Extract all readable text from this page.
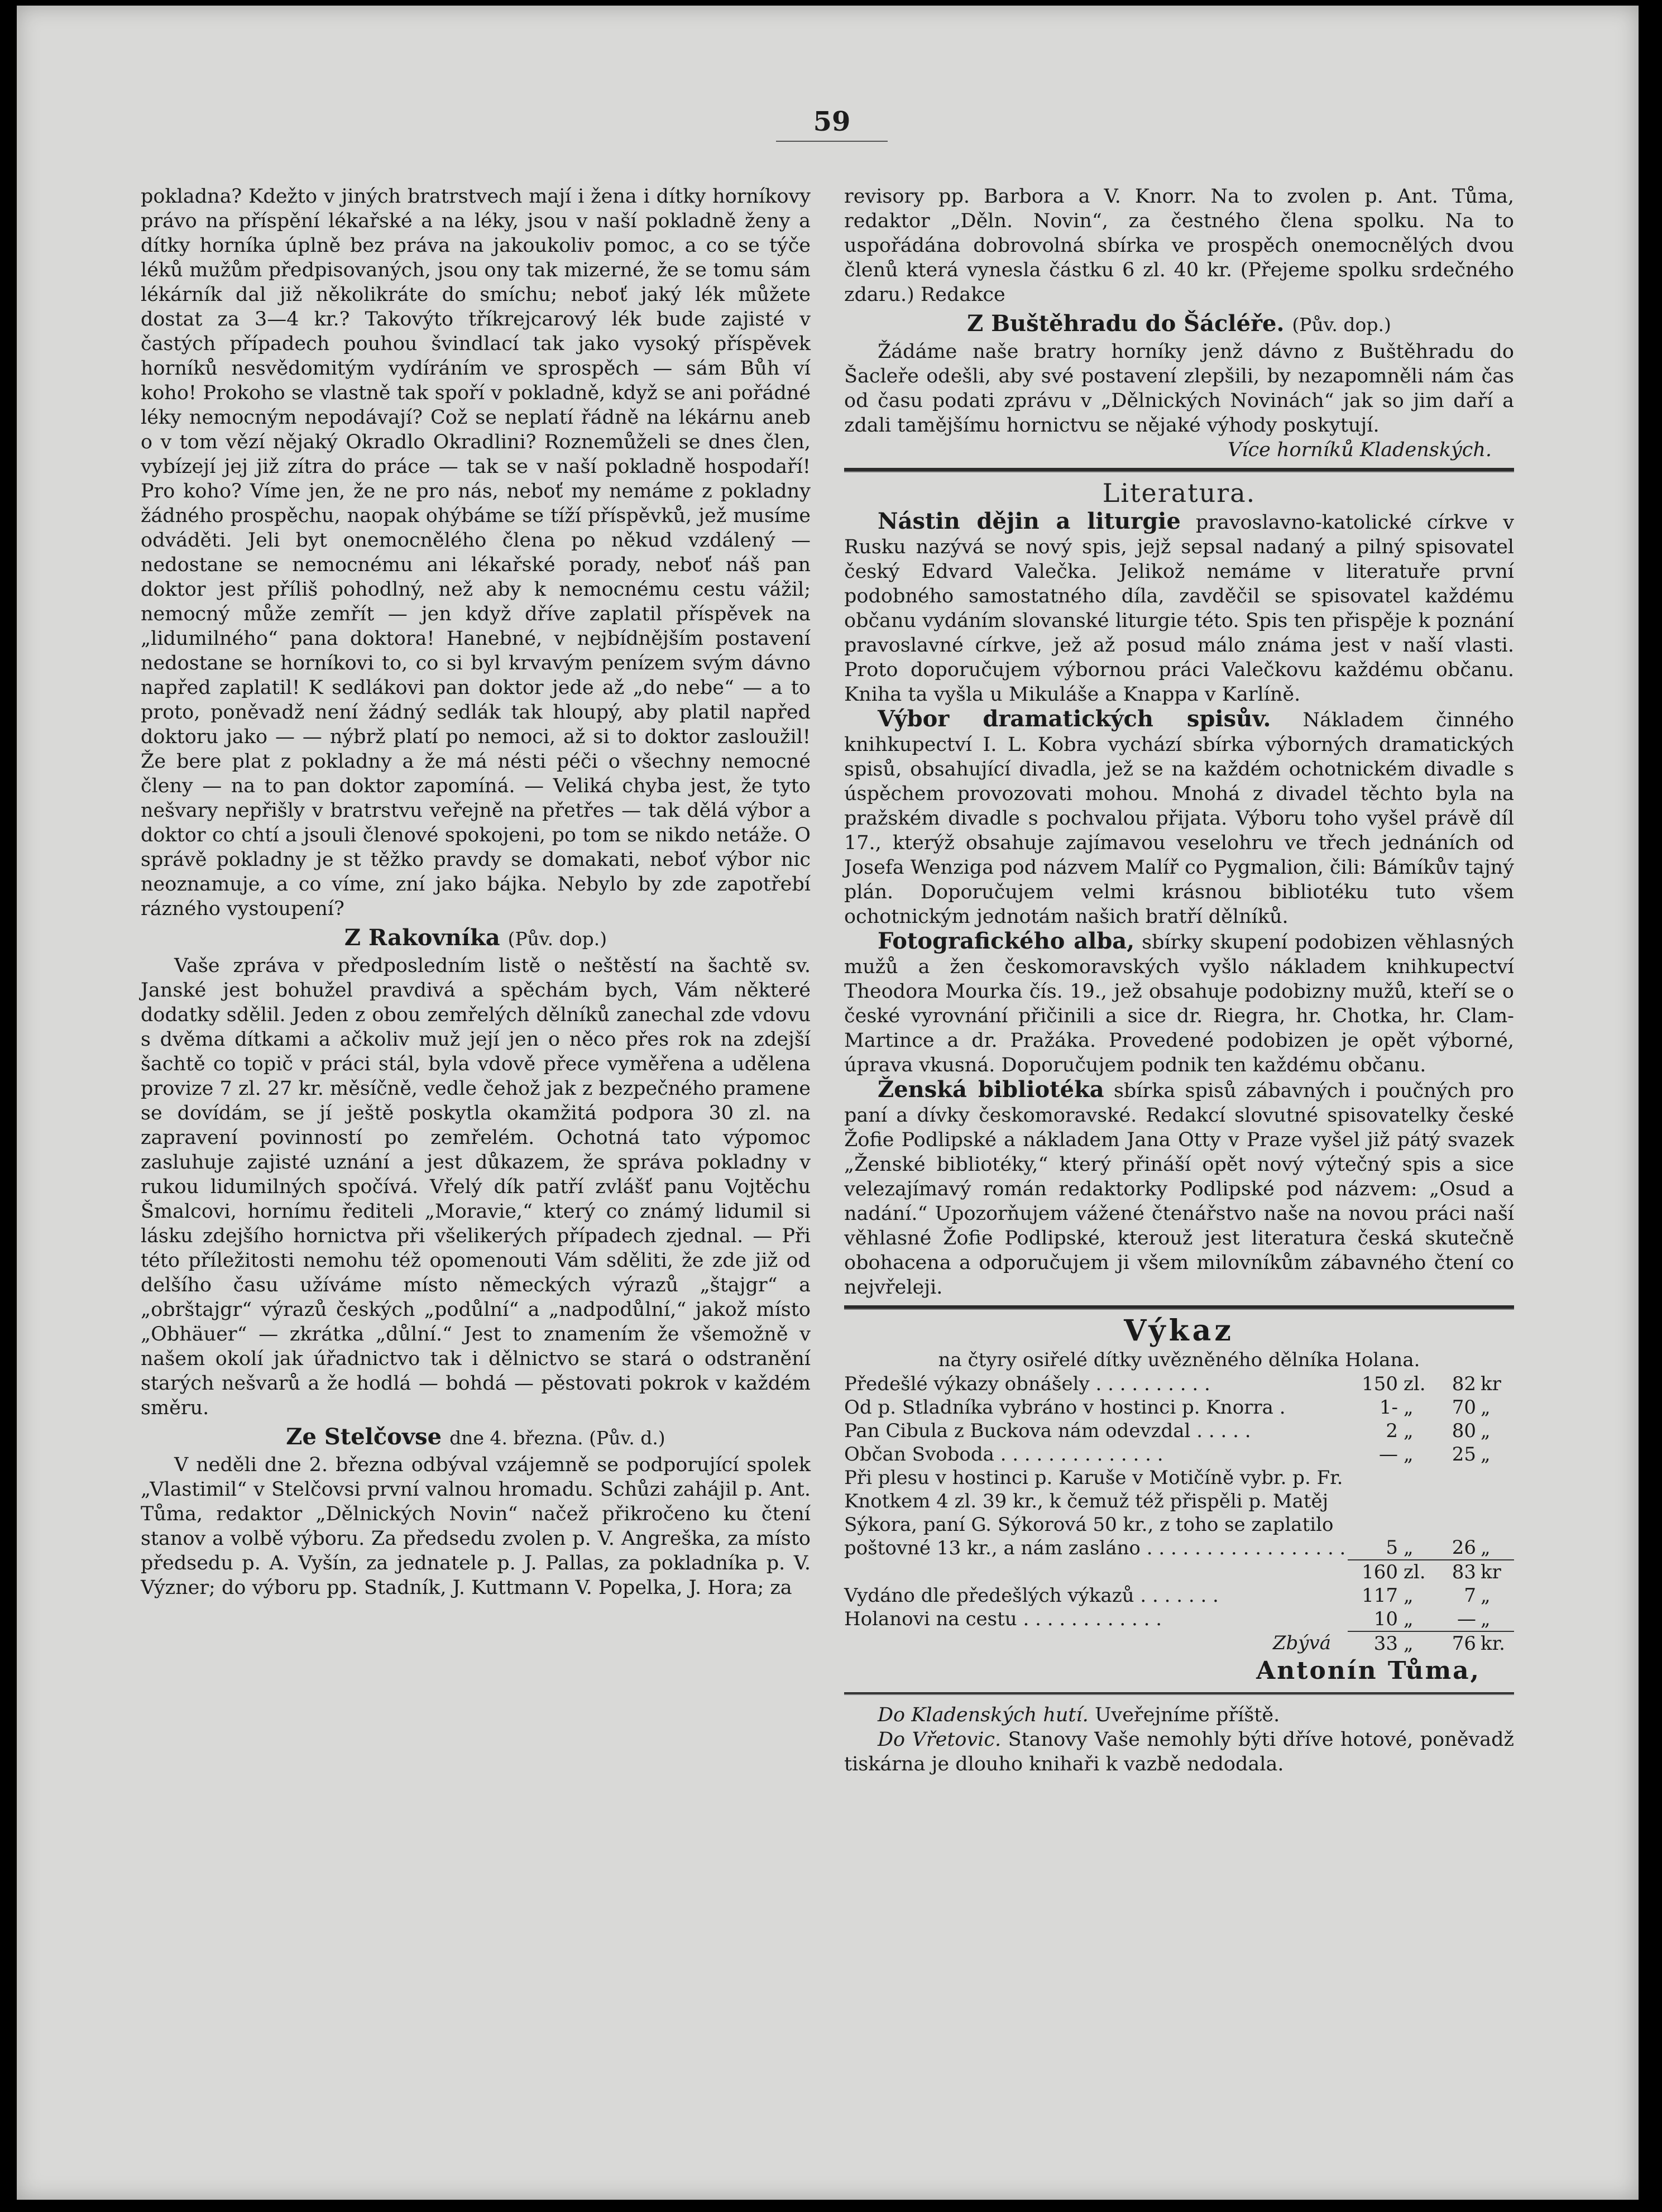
59

pokladna? Kdežto v jiných bratrstvech mají i žena i dítky horníkovy právo na příspění lékařské a na léky, jsou v naší pokladně ženy a dítky horníka úplně bez práva na jakoukoliv pomoc, a co se týče léků mužům předpisovaných, jsou ony tak mizerné, že se tomu sám lékárník dal již několikráte do smíchu; neboť jaký lék můžete dostat za 3—4 kr.? Takovýto tříkrejcarový lék bude zajisté v častých případech pouhou švindlací tak jako vysoký příspěvek horníků nesvědomitým vydíráním ve sprospěch — sám Bůh ví koho! Prokoho se vlastně tak spoří v pokladně, když se ani pořádné léky nemocným nepodávají? Což se neplatí řádně na lékárnu aneb o v tom vězí nějaký Okradlo Okradlini? Roznemůželi se dnes člen, vybízejí jej již zítra do práce — tak se v naší pokladně hospodaří! Pro koho? Víme jen, že ne pro nás, neboť my nemáme z pokladny žádného prospěchu, naopak ohýbáme se tíží příspěvků, jež musíme odváděti. Jeli byt onemocnělého člena po někud vzdálený — nedostane se nemocnému ani lékařské porady, neboť náš pan doktor jest příliš pohodlný, než aby k nemocnému cestu vážil; nemocný může zemřít — jen když dříve zaplatil příspěvek na „lidumilného“ pana doktora! Hanebné, v nejbídnějším postavení nedostane se horníkovi to, co si byl krvavým penízem svým dávno napřed zaplatil! K sedlákovi pan doktor jede až „do nebe“ — a to proto, poněvadž není žádný sedlák tak hloupý, aby platil napřed doktoru jako — — nýbrž platí po nemoci, až si to doktor zasloužil! Že bere plat z pokladny a že má nésti péči o všechny nemocné členy — na to pan doktor zapomíná. — Veliká chyba jest, že tyto nešvary nepřišly v bratrstvu veřejně na přetřes — tak dělá výbor a doktor co chtí a jsouli členové spokojeni, po tom se nikdo netáže. O správě pokladny je st těžko pravdy se domakati, neboť výbor nic neoznamuje, a co víme, zní jako bájka. Nebylo by zde zapotřebí rázného vystoupení?

Z Rakovníka (Pův. dop.)

Vaše zpráva v předposledním listě o neštěstí na šachtě sv. Janské jest bohužel pravdivá a spěchám bych, Vám některé dodatky sdělil. Jeden z obou zemřelých dělníků zanechal zde vdovu s dvěma dítkami a ačkoliv muž její jen o něco přes rok na zdejší šachtě co topič v práci stál, byla vdově přece vyměřena a udělena provize 7 zl. 27 kr. měsíčně, vedle čehož jak z bezpečného pramene se dovídám, se jí ještě poskytla okamžitá podpora 30 zl. na zapravení povinností po zemřelém. Ochotná tato výpomoc zasluhuje zajisté uznání a jest důkazem, že správa pokladny v rukou lidumilných spočívá. Vřelý dík patří zvlášť panu Vojtěchu Šmalcovi, hornímu řediteli „Moravie,“ který co známý lidumil si lásku zdejšího hornictva při všelikerých případech zjednal. — Při této příležitosti nemohu též opomenouti Vám sděliti, že zde již od delšího času užíváme místo německých výrazů „štajgr“ a „obrštajgr“ výrazů českých „podůlní“ a „nadpodůlní,“ jakož místo „Obhäuer“ — zkrátka „důlní.“ Jest to znamením že všemožně v našem okolí jak úřadnictvo tak i dělnictvo se stará o odstranění starých nešvarů a že hodlá — bohdá — pěstovati pokrok v každém směru.

Ze Stelčovse dne 4. března. (Pův. d.)

V neděli dne 2. března odbýval vzájemně se podporující spolek „Vlastimil“ v Stelčovsi první valnou hromadu. Schůzi zahájil p. Ant. Tůma, redaktor „Dělnických Novin“ načež přikročeno ku čtení stanov a volbě výboru. Za předsedu zvolen p. V. Angreška, za místo předsedu p. A. Vyšín, za jednatele p. J. Pallas, za pokladníka p. V. Význer; do výboru pp. Stadník, J. Kuttmann V. Popelka, J. Hora; za

revisory pp. Barbora a V. Knorr. Na to zvolen p. Ant. Tůma, redaktor „Děln. Novin“, za čestného člena spolku. Na to uspořádána dobrovolná sbírka ve prospěch onemocnělých dvou členů která vynesla částku 6 zl. 40 kr. (Přejeme spolku srdečného zdaru.) Redakce

Z Buštěhradu do Šácléře. (Pův. dop.)

Žádáme naše bratry horníky jenž dávno z Buštěhradu do Šacleře odešli, aby své postavení zlepšili, by nezapomněli nám čas od času podati zprávu v „Dělnických Novinách“ jak so jim daří a zdali tamějšímu hornictvu se nějaké výhody poskytují.

Více horníků Kladenských.

Literatura.

Nástin dějin a liturgie pravoslavno-katolické církve v Rusku nazývá se nový spis, jejž sepsal nadaný a pilný spisovatel český Edvard Valečka. Jelikož nemáme v literatuře první podobného samostatného díla, zavděčil se spisovatel každému občanu vydáním slovanské liturgie této. Spis ten přispěje k poznání pravoslavné církve, jež až posud málo známa jest v naší vlasti. Proto doporučujem výbornou práci Valečkovu každému občanu. Kniha ta vyšla u Mikuláše a Knappa v Karlíně.

Výbor dramatických spisův. Nákladem činného knihkupectví I. L. Kobra vychází sbírka výborných dramatických spisů, obsahující divadla, jež se na každém ochotnickém divadle s úspěchem provozovati mohou. Mnohá z divadel těchto byla na pražském divadle s pochvalou přijata. Výboru toho vyšel právě díl 17., kterýž obsahuje zajímavou veselohru ve třech jednáních od Josefa Wenziga pod názvem Malíř co Pygmalion, čili: Bámíkův tajný plán. Doporučujem velmi krásnou bibliotéku tuto všem ochotnickým jednotám našich bratří dělníků.

Fotografického alba, sbírky skupení podobizen věhlasných mužů a žen českomoravských vyšlo nákladem knihkupectví Theodora Mourka čís. 19., jež obsahuje podobizny mužů, kteří se o české vyrovnání přičinili a sice dr. Riegra, hr. Chotka, hr. Clam-Martince a dr. Pražáka. Provedené podobizen je opět výborné, úprava vkusná. Doporučujem podnik ten každému občanu.

Ženská bibliotéka sbírka spisů zábavných i poučných pro paní a dívky českomoravské. Redakcí slovutné spisovatelky české Žofie Podlipské a nákladem Jana Otty v Praze vyšel již pátý svazek „Ženské bibliotéky,“ který přináší opět nový výtečný spis a sice velezajímavý román redaktorky Podlipské pod názvem: „Osud a nadání.“ Upozorňujem vážené čtenářstvo naše na novou práci naší věhlasné Žofie Podlipské, kterouž jest literatura česká skutečně obohacena a odporučujem ji všem milovníkům zábavného čtení co nejvřeleji.

Výkaz

na čtyry osiřelé dítky uvězněného dělníka Holana.

Předešlé výkazy obnášely . . . . . . . . . .	150	zl.	82	kr
Od p. Stladníka vybráno v hostinci p. Knorra .	1-	„	70	„
Pan Cibula z Buckova nám odevzdal . . . . .	2	„	80	„
Občan Svoboda . . . . . . . . . . . . . .	—	„	25	„
Při plesu v hostinci p. Karuše v Motičíně vybr. p. Fr. Knotkem 4 zl. 39 kr., k čemuž též přispěli p. Matěj Sýkora, paní G. Sýkorová 50 kr., z toho se zaplatilo poštovné 13 kr., a nám zasláno . . . . . . . . . . . . . . . . .	5	„	26	„
	160	zl.	83	kr
Vydáno dle předešlých výkazů . . . . . . .	117	„	7	„
Holanovi na cestu . . . . . . . . . . . .	10	„	—	„
Zbývá	33	„	76	kr.

Antonín Tůma,

Do Kladenských hutí. Uveřejníme příště.

Do Vřetovic. Stanovy Vaše nemohly býti dříve hotové, poněvadž tiskárna je dlouho knihaři k vazbě nedodala.
